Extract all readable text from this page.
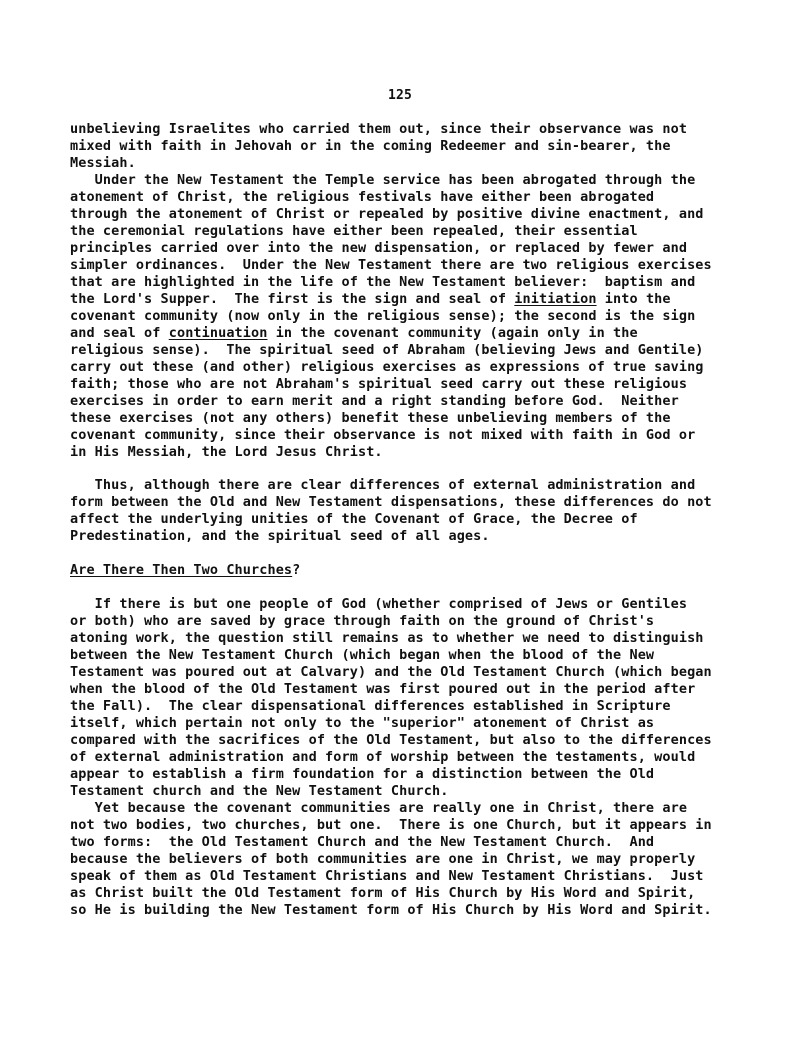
125
unbelieving Israelites who carried them out, since their observance was not
mixed with faith in Jehovah or in the coming Redeemer and sin-bearer, the
Messiah.
Under the New Testament the Temple service has been abrogated through the
atonement of Christ, the religious festivals have either been abrogated
through the atonement of Christ or repealed by positive divine enactment, and
the ceremonial regulations have either been repealed, their essential
principles carried over into the new dispensation, or replaced by fewer and
simpler ordinances.  Under the New Testament there are two religious exercises
that are highlighted in the life of the New Testament believer:  baptism and
the Lord's Supper.  The first is the sign and seal of initiation into the
covenant community (now only in the religious sense); the second is the sign
and seal of continuation in the covenant community (again only in the
religious sense).  The spiritual seed of Abraham (believing Jews and Gentile)
carry out these (and other) religious exercises as expressions of true saving
faith; those who are not Abraham's spiritual seed carry out these religious
exercises in order to earn merit and a right standing before God.  Neither
these exercises (not any others) benefit these unbelieving members of the
covenant community, since their observance is not mixed with faith in God or
in His Messiah, the Lord Jesus Christ.
Thus, although there are clear differences of external administration and
form between the Old and New Testament dispensations, these differences do not
affect the underlying unities of the Covenant of Grace, the Decree of
Predestination, and the spiritual seed of all ages.
Are There Then Two Churches?
If there is but one people of God (whether comprised of Jews or Gentiles
or both) who are saved by grace through faith on the ground of Christ's
atoning work, the question still remains as to whether we need to distinguish
between the New Testament Church (which began when the blood of the New
Testament was poured out at Calvary) and the Old Testament Church (which began
when the blood of the Old Testament was first poured out in the period after
the Fall).  The clear dispensational differences established in Scripture
itself, which pertain not only to the "superior" atonement of Christ as
compared with the sacrifices of the Old Testament, but also to the differences
of external administration and form of worship between the testaments, would
appear to establish a firm foundation for a distinction between the Old
Testament church and the New Testament Church.
Yet because the covenant communities are really one in Christ, there are
not two bodies, two churches, but one.  There is one Church, but it appears in
two forms:  the Old Testament Church and the New Testament Church.  And
because the believers of both communities are one in Christ, we may properly
speak of them as Old Testament Christians and New Testament Christians.  Just
as Christ built the Old Testament form of His Church by His Word and Spirit,
so He is building the New Testament form of His Church by His Word and Spirit.
